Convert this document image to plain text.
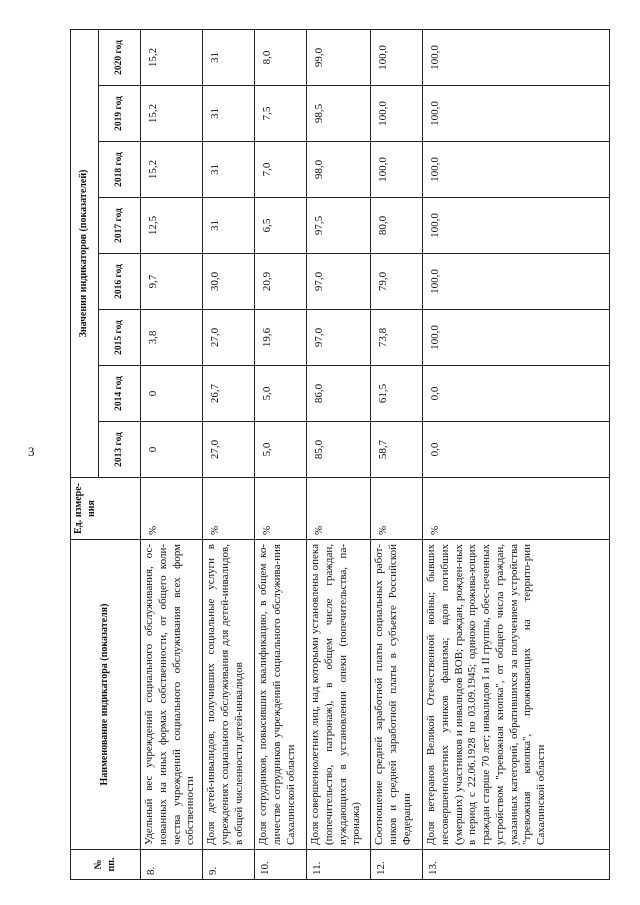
3
№ пп.	Наименование индикатора (показателя)	Ед. измере-ния	Значения индикаторов (показателей)							
			2013 год	2014 год	2015 год	2016 год	2017 год	2018 год	2019 год	2020 год
8.	Удельный вес учреждений социального обслуживания, ос-нованных на иных формах собственности, от общего коли-чества учреждений социального обслуживания всех форм собственности	%	0	0	3,8	9,7	12,5	15,2	15,2	15,2
9.	Доля детей-инвалидов, получивших социальные услуги в учреждениях социального обслуживания для детей-инвалидов, в общей численности детей-инвалидов	%	27,0	26,7	27,0	30,0	31	31	31	31
10.	Доля сотрудников, повысивших квалификацию, в общем ко-личестве сотрудников учреждений социального обслужива-ния Сахалинской области	%	5,0	5,0	19,6	20,9	6,5	7,0	7,5	8,0
11.	Доля совершеннолетних лиц, над которыми установлены опека (попечительство, патронаж), в общем числе граждан, нуждающихся в установлении опеки (попечительства, па-тронажа)	%	85,0	86,0	97,0	97,0	97,5	98,0	98,5	99,0
12.	Соотношение средней заработной платы социальных работ-ников и средней заработной платы в субъекте Российской Федерации	%	58,7	61,5	73,8	79,0	80,0	100,0	100,0	100,0
13.	Доля ветеранов Великой Отечественной войны; бывших несовершеннолетних узников фашизма; вдов погибших (умерших) участников и инвалидов ВОВ; граждан, рожден-ных в период с 22.06.1928 по 03.09.1945; одиноко прожива-ющих граждан старше 70 лет; инвалидов I и II группы, обес-печенных устройством "тревожная кнопка", от общего числа граждан, указанных категорий, обратившихся за получением устройства "тревожная кнопка", проживающих на террито-рии Сахалинской области	%	0,0	0,0	100,0	100,0	100,0	100,0	100,0	100,0
